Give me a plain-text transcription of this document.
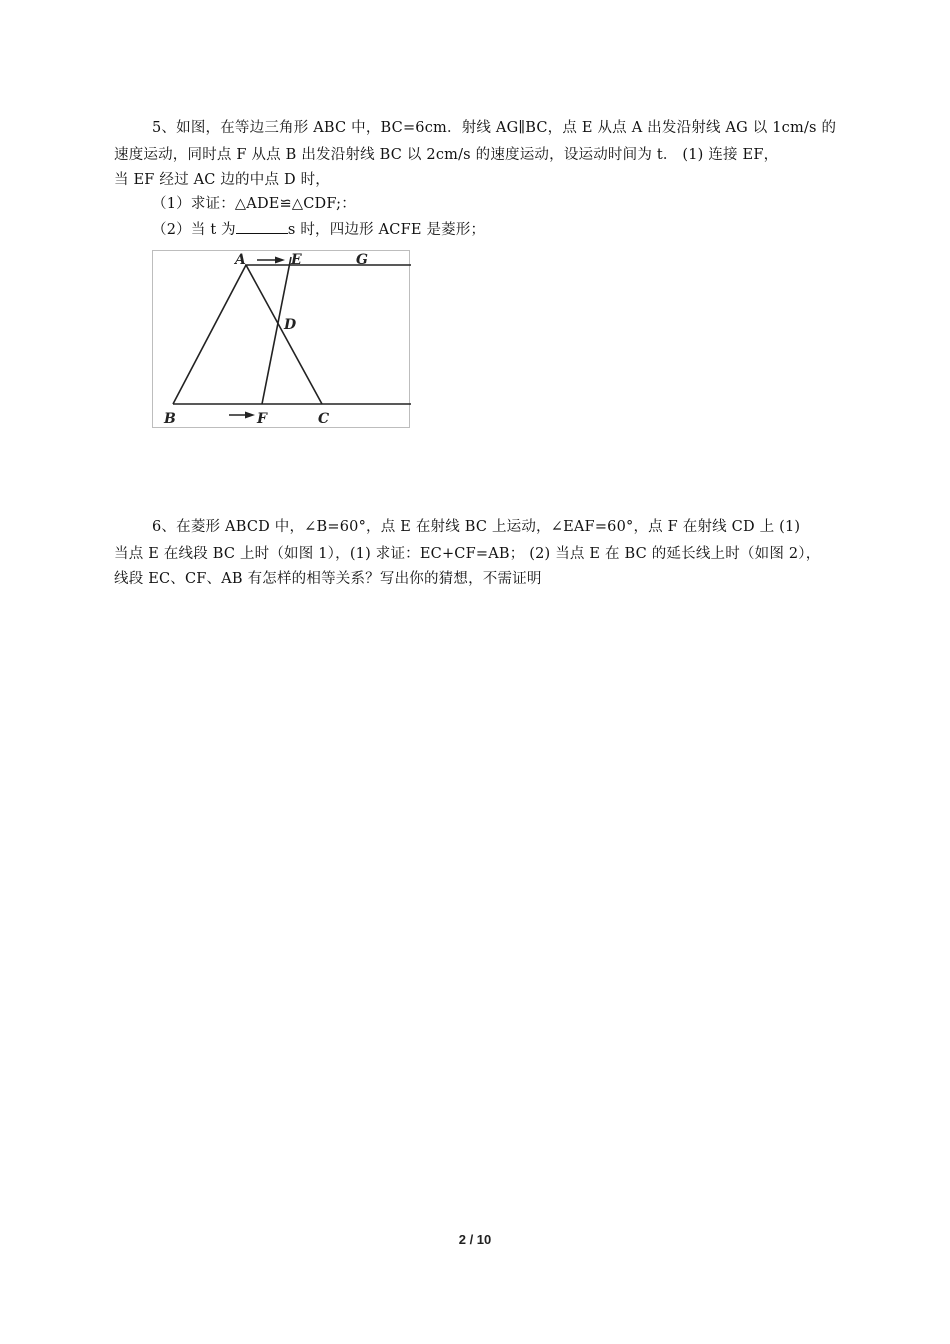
5、如图，在等边三角形 ABC 中，BC=6cm．射线 AG∥BC，点 E 从点 A 出发沿射线 AG 以 1cm/s 的
速度运动，同时点 F 从点 B 出发沿射线 BC 以 2cm/s 的速度运动，设运动时间为 t． (1) 连接 EF，
当 EF 经过 AC 边的中点 D 时，
（1）求证：△ADE≌△CDF;：
（2）当 t 为	s 时，四边形 ACFE 是菱形；
A	E	G
D
B	F	C
6、在菱形 ABCD 中，∠B=60°，点 E 在射线 BC 上运动，∠EAF=60°，点 F 在射线 CD 上 (1)
当点 E 在线段 BC 上时（如图 1），(1) 求证：EC+CF=AB； (2) 当点 E 在 BC 的延长线上时（如图 2），
线段 EC、CF、AB 有怎样的相等关系？写出你的猜想，不需证明
2 / 10
